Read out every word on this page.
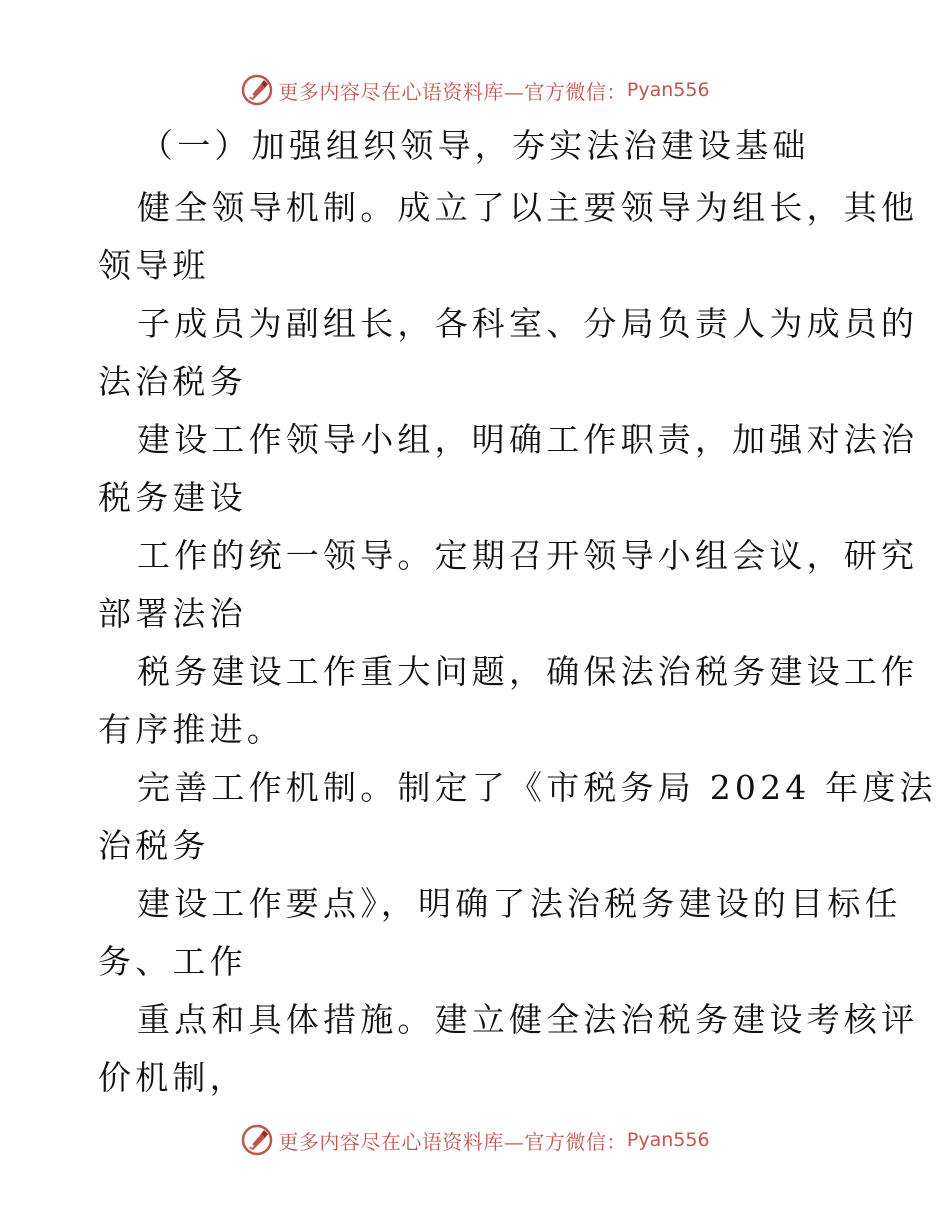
更多内容尽在心语资料库—官方微信： Pyan556
（一）加强组织领导，夯实法治建设基础
健全领导机制。成立了以主要领导为组长，其他
领导班
子成员为副组长，各科室、分局负责人为成员的
法治税务
建设工作领导小组，明确工作职责，加强对法治
税务建设
工作的统一领导。定期召开领导小组会议，研究
部署法治
税务建设工作重大问题，确保法治税务建设工作
有序推进。
完善工作机制。制定了《市税务局 2024 年度法
治税务
建设工作要点》，明确了法治税务建设的目标任
务、工作
重点和具体措施。建立健全法治税务建设考核评
价机制，
更多内容尽在心语资料库—官方微信： Pyan556
